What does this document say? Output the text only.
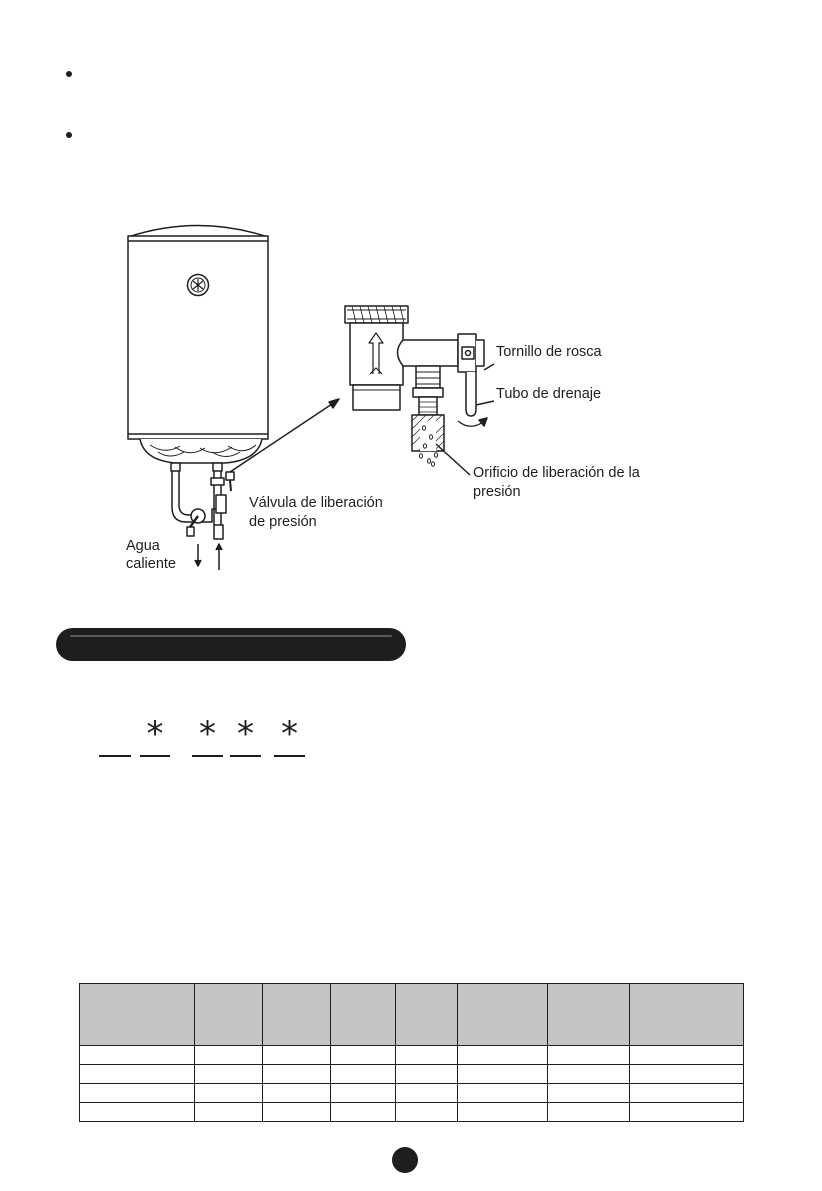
Tornillo de rosca
Tubo de drenaje
Orificio de liberación de la
presión
Válvula de liberación
de presión
Agua
caliente
* * * *
